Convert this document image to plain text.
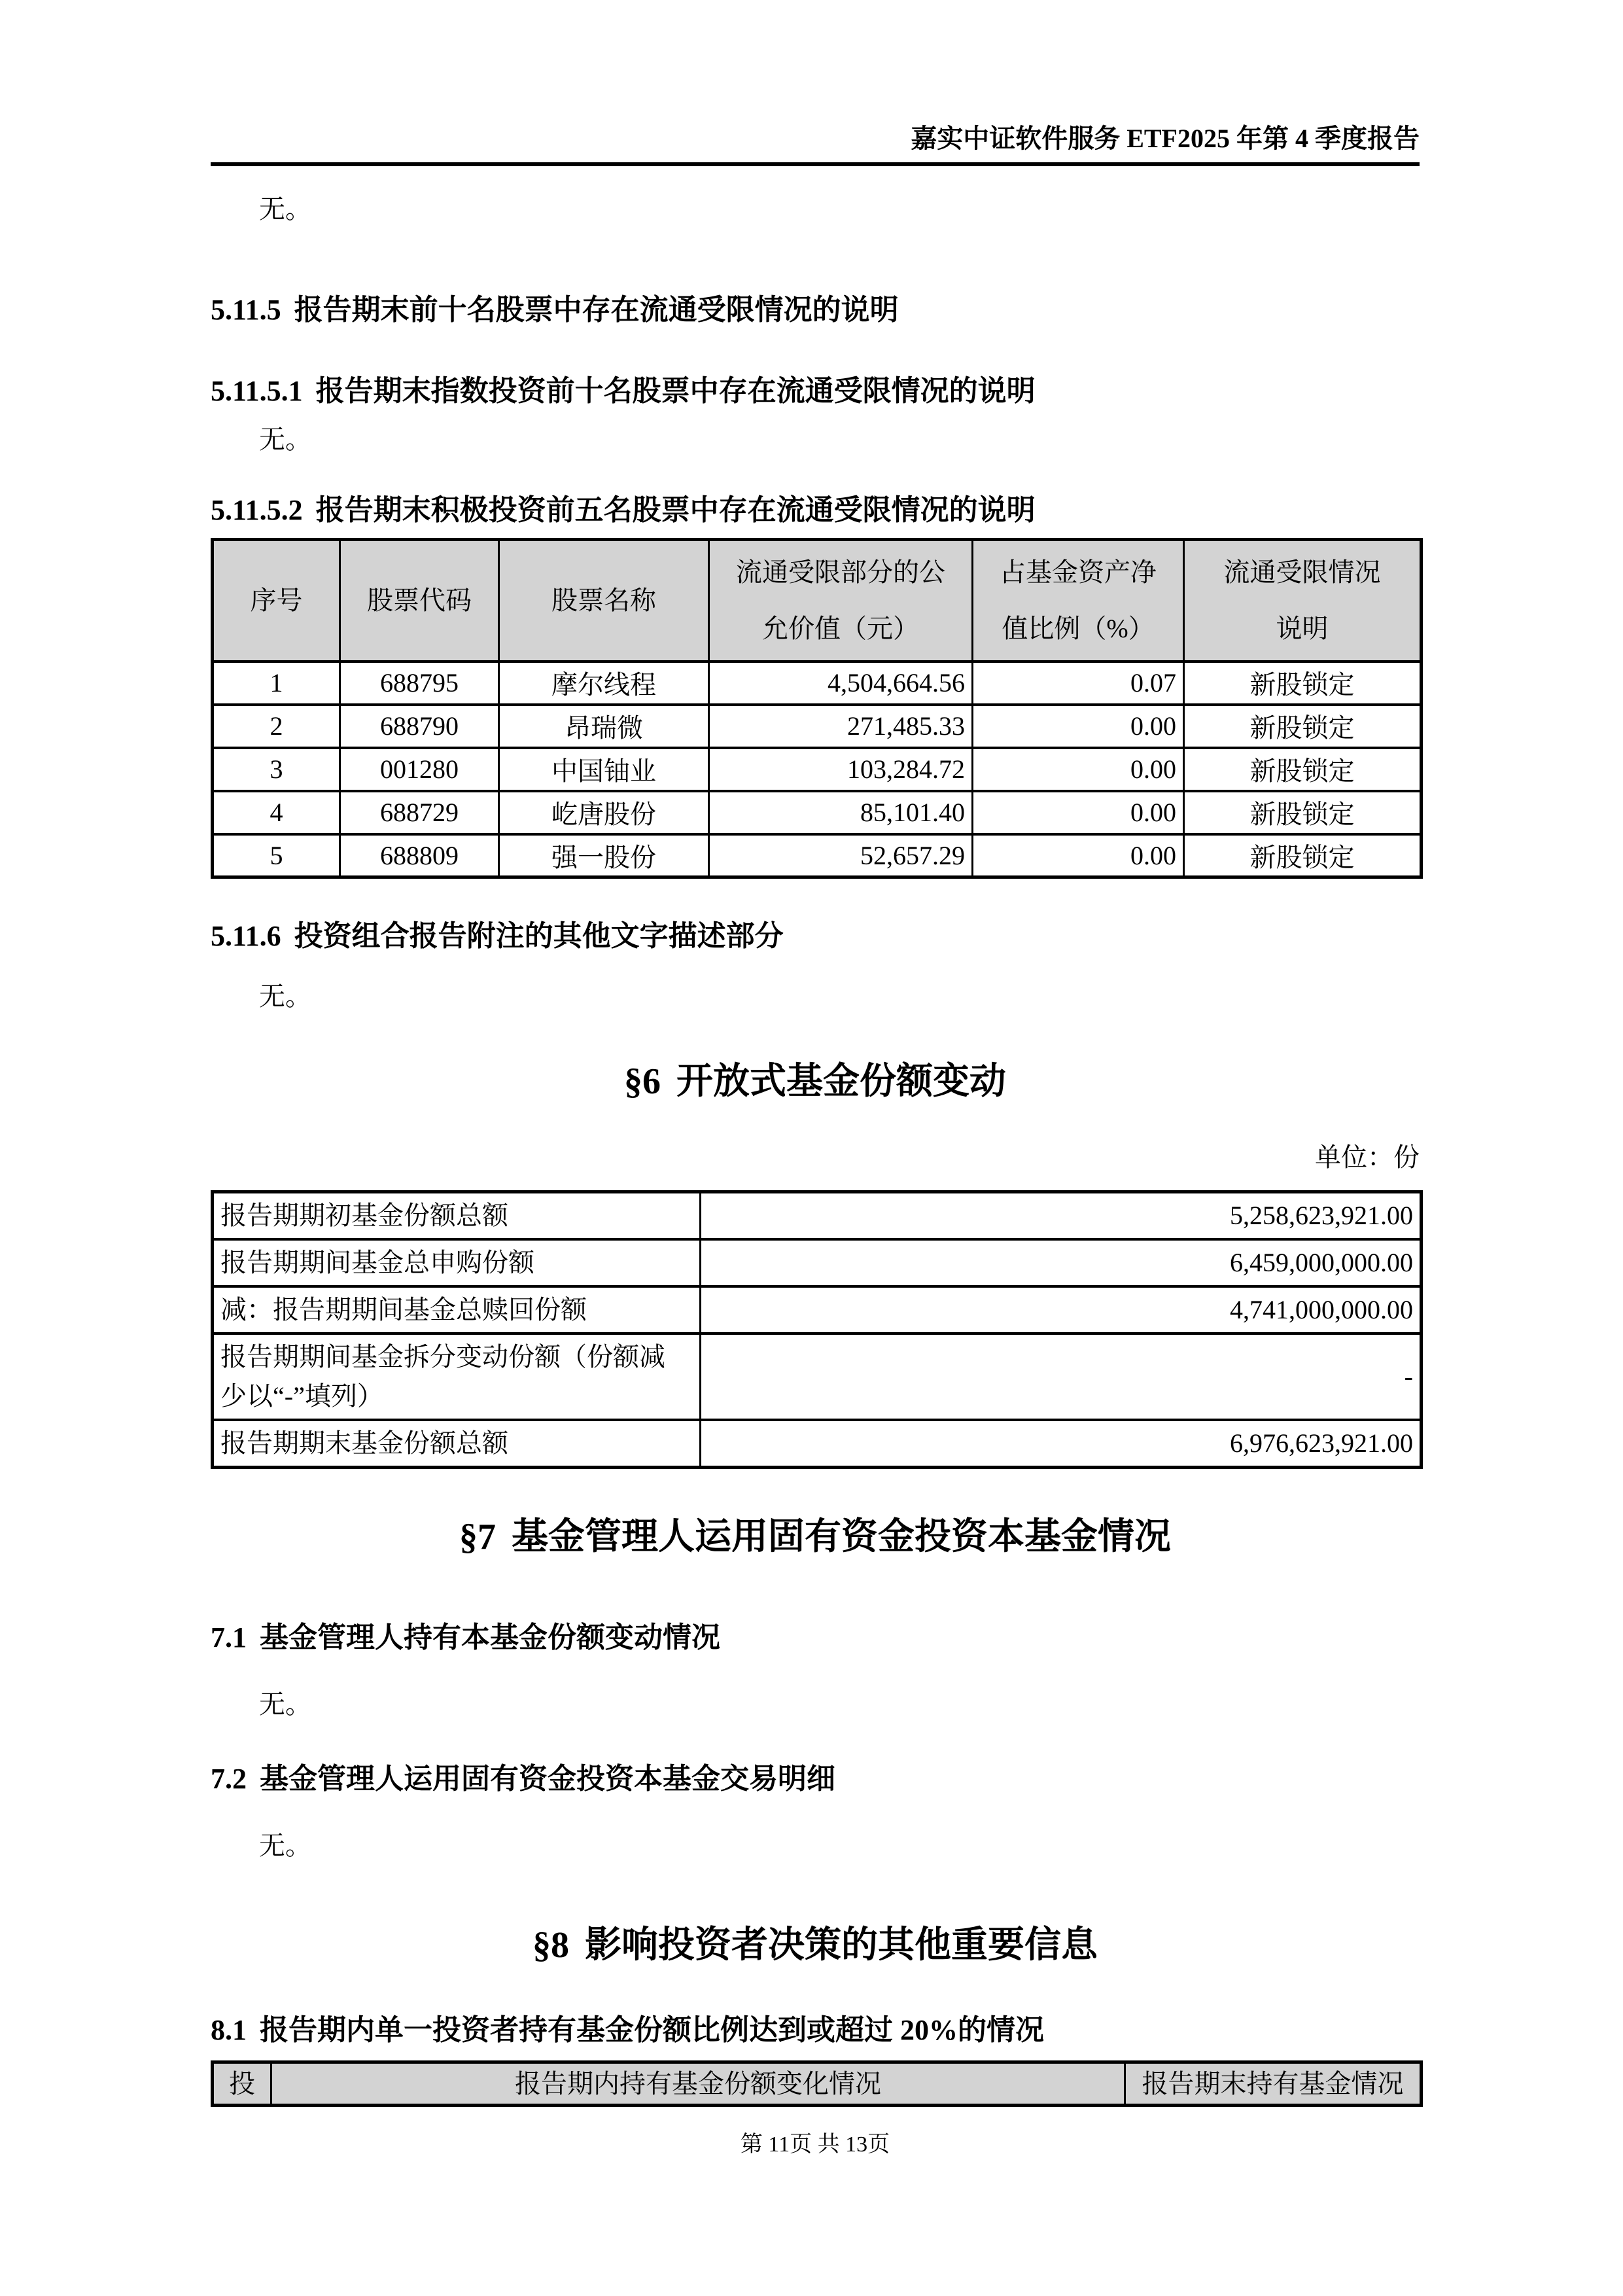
嘉实中证软件服务 ETF2025 年第 4 季度报告

无。

5.11.5 报告期末前十名股票中存在流通受限情况的说明
5.11.5.1 报告期末指数投资前十名股票中存在流通受限情况的说明

无。

5.11.5.2 报告期末积极投资前五名股票中存在流通受限情况的说明
序号	股票代码	股票名称	流通受限部分的公允价值（元）	占基金资产净值比例（%）	流通受限情况说明
1	688795	摩尔线程	4,504,664.56	0.07	新股锁定
2	688790	昂瑞微	271,485.33	0.00	新股锁定
3	001280	中国铀业	103,284.72	0.00	新股锁定
4	688729	屹唐股份	85,101.40	0.00	新股锁定
5	688809	强一股份	52,657.29	0.00	新股锁定
5.11.6 投资组合报告附注的其他文字描述部分

无。

§6 开放式基金份额变动
单位：份
报告期期初基金份额总额	5,258,623,921.00
报告期期间基金总申购份额	6,459,000,000.00
减：报告期期间基金总赎回份额	4,741,000,000.00
报告期期间基金拆分变动份额（份额减少以“-”填列）	-
报告期期末基金份额总额	6,976,623,921.00
§7 基金管理人运用固有资金投资本基金情况
7.1 基金管理人持有本基金份额变动情况

无。

7.2 基金管理人运用固有资金投资本基金交易明细

无。

§8 影响投资者决策的其他重要信息
8.1 报告期内单一投资者持有基金份额比例达到或超过 20%的情况
投	报告期内持有基金份额变化情况	报告期末持有基金情况
第 11页 共 13页
